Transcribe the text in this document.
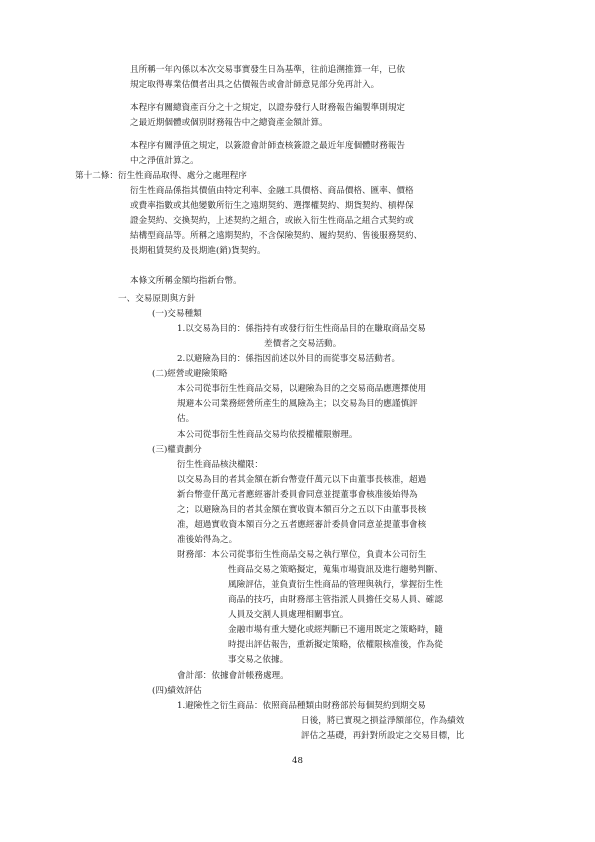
且所稱一年內係以本次交易事實發生日為基準，往前追溯推算一年，已依

規定取得專業估價者出具之估價報告或會計師意見部分免再計入。

本程序有關總資產百分之十之規定，以證券發行人財務報告編製準則規定

之最近期個體或個別財務報告中之總資產金額計算。

本程序有關淨值之規定，以簽證會計師查核簽證之最近年度個體財務報告

中之淨值計算之。

第十二條：衍生性商品取得、處分之處理程序

衍生性商品係指其價值由特定利率、金融工具價格、商品價格、匯率、價格

或費率指數或其他變數所衍生之遠期契約、選擇權契約、期貨契約、槓桿保

證金契約、交換契約，上述契約之組合，或嵌入衍生性商品之組合式契約或

結構型商品等。所稱之遠期契約，不含保險契約、履約契約、售後服務契約、

長期租賃契約及長期進(銷)貨契約。

本條文所稱金額均指新台幣。

一、交易原則與方針

(一)交易種類

1.以交易為目的：係指持有或發行衍生性商品目的在賺取商品交易

差價者之交易活動。

2.以避險為目的：係指因前述以外目的而從事交易活動者。

(二)經營或避險策略

本公司從事衍生性商品交易，以避險為目的之交易商品應選擇使用

規避本公司業務經營所產生的風險為主；以交易為目的應謹慎評

估。

本公司從事衍生性商品交易均依授權權限辦理。

(三)權責劃分

衍生性商品核決權限：

以交易為目的者其金額在新台幣壹仟萬元以下由董事長核准，超過

新台幣壹仟萬元者應經審計委員會同意並提董事會核准後始得為

之；以避險為目的者其金額在實收資本額百分之五以下由董事長核

准，超過實收資本額百分之五者應經審計委員會同意並提董事會核

准後始得為之。

財務部：本公司從事衍生性商品交易之執行單位，負責本公司衍生

性商品交易之策略擬定，蒐集市場資訊及進行趨勢判斷、

風險評估，並負責衍生性商品的管理與執行，掌握衍生性

商品的技巧，由財務部主管指派人員擔任交易人員、確認

人員及交割人員處理相關事宜。

金融市場有重大變化或經判斷已不適用既定之策略時，隨

時提出評估報告，重新擬定策略，依權限核准後，作為從

事交易之依據。

會計部：依據會計帳務處理。

(四)績效評估

1.避險性之衍生商品：依照商品種類由財務部於每個契約到期交易

日後，將已實現之損益淨額部位，作為績效

評估之基礎，再針對所設定之交易目標，比

48
